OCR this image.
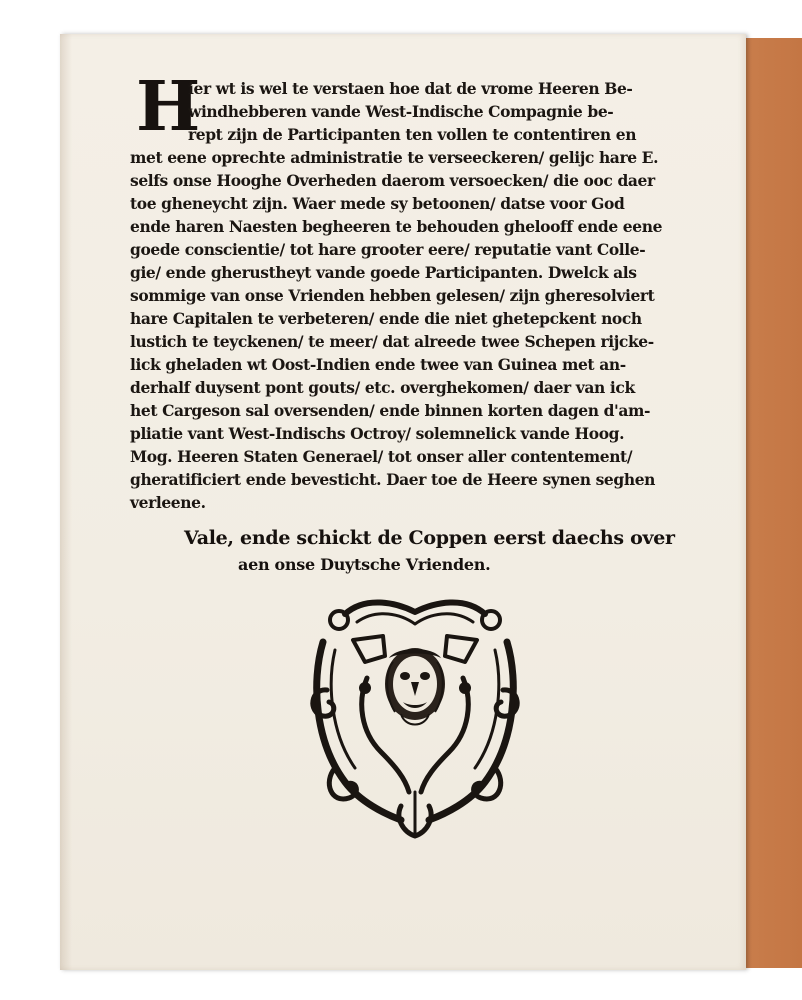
H
ier wt is wel te verstaen hoe dat de vrome Heeren Be-
windhebberen vande West-Indische Compagnie be-
rept zijn de Participanten ten vollen te contentiren en
met eene oprechte administratie te verseeckeren/ gelijc hare E.
selfs onse Hooghe Overheden daerom versoecken/ die ooc daer
toe gheneycht zijn. Waer mede sy betoonen/ datse voor God
ende haren Naesten begheeren te behouden ghelooff ende eene
goede conscientie/ tot hare grooter eere/ reputatie vant Colle-
gie/ ende gherustheyt vande goede Participanten. Dwelck als
sommige van onse Vrienden hebben gelesen/ zijn gheresolviert
hare Capitalen te verbeteren/ ende die niet ghetepckent noch
lustich te teyckenen/ te meer/ dat alreede twee Schepen rijcke-
lick gheladen wt Oost-Indien ende twee van Guinea met an-
derhalf duysent pont gouts/ etc. overghekomen/ daer van ick
het Cargeson sal oversenden/ ende binnen korten dagen d'am-
pliatie vant West-Indischs Octroy/ solemnelick vande Hoog.
Mog. Heeren Staten Generael/ tot onser aller contentement/
gheratificiert ende bevesticht. Daer toe de Heere synen seghen
verleene.
Vale, ende schickt de Coppen eerst daechs over
aen onse Duytsche Vrienden.
